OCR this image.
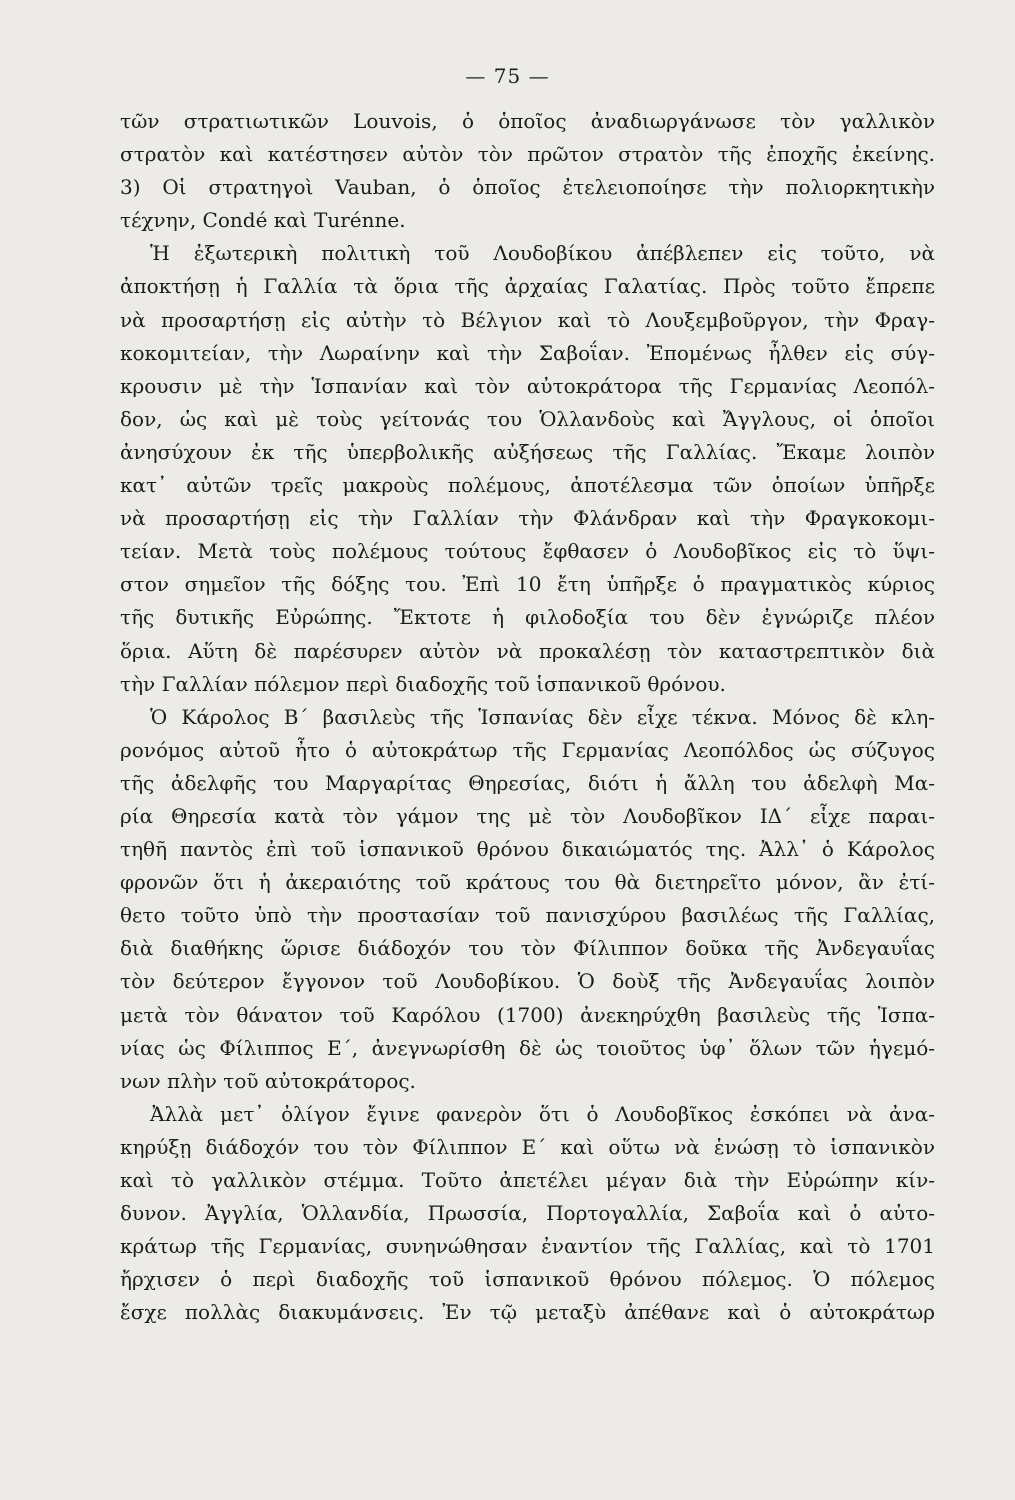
— 75 —
τῶν στρατιωτικῶν Louvois, ὁ ὁποῖος ἀναδιωργάνωσε τὸν γαλλικὸν
στρατὸν καὶ κατέστησεν αὐτὸν τὸν πρῶτον στρατὸν τῆς ἐποχῆς ἐκείνης.
3) Οἱ στρατηγοὶ Vauban, ὁ ὁποῖος ἐτελειοποίησε τὴν πολιορκητικὴν
τέχνην, Condé καὶ Turénne.
Ἡ ἐξωτερικὴ πολιτικὴ τοῦ Λουδοβίκου ἀπέβλεπεν εἰς τοῦτο, νὰ
ἀποκτήσῃ ἡ Γαλλία τὰ ὅρια τῆς ἀρχαίας Γαλατίας. Πρὸς τοῦτο ἔπρεπε
νὰ προσαρτήσῃ εἰς αὐτὴν τὸ Βέλγιον καὶ τὸ Λουξεμβοῦργον, τὴν Φραγ-
κοκομιτείαν, τὴν Λωραίνην καὶ τὴν Σαβοΐαν. Ἐπομένως ἦλθεν εἰς σύγ-
κρουσιν μὲ τὴν Ἱσπανίαν καὶ τὸν αὐτοκράτορα τῆς Γερμανίας Λεοπόλ-
δον, ὡς καὶ μὲ τοὺς γείτονάς του Ὁλλανδοὺς καὶ Ἄγγλους, οἱ ὁποῖοι
ἀνησύχουν ἐκ τῆς ὑπερβολικῆς αὐξήσεως τῆς Γαλλίας. Ἔκαμε λοιπὸν
κατ᾽ αὐτῶν τρεῖς μακροὺς πολέμους, ἀποτέλεσμα τῶν ὁποίων ὑπῆρξε
νὰ προσαρτήσῃ εἰς τὴν Γαλλίαν τὴν Φλάνδραν καὶ τὴν Φραγκοκομι-
τείαν. Μετὰ τοὺς πολέμους τούτους ἔφθασεν ὁ Λουδοβῖκος εἰς τὸ ὕψι-
στον σημεῖον τῆς δόξης του. Ἐπὶ 10 ἔτη ὑπῆρξε ὁ πραγματικὸς κύριος
τῆς δυτικῆς Εὐρώπης. Ἔκτοτε ἡ φιλοδοξία του δὲν ἐγνώριζε πλέον
ὅρια. Αὕτη δὲ παρέσυρεν αὐτὸν νὰ προκαλέσῃ τὸν καταστρεπτικὸν διὰ
τὴν Γαλλίαν πόλεμον περὶ διαδοχῆς τοῦ ἱσπανικοῦ θρόνου.
Ὁ Κάρολος Β´ βασιλεὺς τῆς Ἱσπανίας δὲν εἶχε τέκνα. Μόνος δὲ κλη-
ρονόμος αὐτοῦ ἦτο ὁ αὐτοκράτωρ τῆς Γερμανίας Λεοπόλδος ὡς σύζυγος
τῆς ἀδελφῆς του Μαργαρίτας Θηρεσίας, διότι ἡ ἄλλη του ἀδελφὴ Μα-
ρία Θηρεσία κατὰ τὸν γάμον της μὲ τὸν Λουδοβῖκον ΙΔ´ εἶχε παραι-
τηθῆ παντὸς ἐπὶ τοῦ ἱσπανικοῦ θρόνου δικαιώματός της. Ἀλλ᾽ ὁ Κάρολος
φρονῶν ὅτι ἡ ἀκεραιότης τοῦ κράτους του θὰ διετηρεῖτο μόνον, ἂν ἐτί-
θετο τοῦτο ὑπὸ τὴν προστασίαν τοῦ πανισχύρου βασιλέως τῆς Γαλλίας,
διὰ διαθήκης ὥρισε διάδοχόν του τὸν Φίλιππον δοῦκα τῆς Ἀνδεγαυΐας
τὸν δεύτερον ἔγγονον τοῦ Λουδοβίκου. Ὁ δοὺξ τῆς Ἀνδεγαυΐας λοιπὸν
μετὰ τὸν θάνατον τοῦ Καρόλου (1700) ἀνεκηρύχθη βασιλεὺς τῆς Ἱσπα-
νίας ὡς Φίλιππος Ε´, ἀνεγνωρίσθη δὲ ὡς τοιοῦτος ὑφ᾽ ὅλων τῶν ἡγεμό-
νων πλὴν τοῦ αὐτοκράτορος.
Ἀλλὰ μετ᾽ ὀλίγον ἔγινε φανερὸν ὅτι ὁ Λουδοβῖκος ἐσκόπει νὰ ἀνα-
κηρύξῃ διάδοχόν του τὸν Φίλιππον Ε´ καὶ οὕτω νὰ ἑνώσῃ τὸ ἱσπανικὸν
καὶ τὸ γαλλικὸν στέμμα. Τοῦτο ἀπετέλει μέγαν διὰ τὴν Εὐρώπην κίν-
δυνον. Ἀγγλία, Ὁλλανδία, Πρωσσία, Πορτογαλλία, Σαβοΐα καὶ ὁ αὐτο-
κράτωρ τῆς Γερμανίας, συνηνώθησαν ἐναντίον τῆς Γαλλίας, καὶ τὸ 1701
ἤρχισεν ὁ περὶ διαδοχῆς τοῦ ἱσπανικοῦ θρόνου πόλεμος. Ὁ πόλεμος
ἔσχε πολλὰς διακυμάνσεις. Ἐν τῷ μεταξὺ ἀπέθανε καὶ ὁ αὐτοκράτωρ
